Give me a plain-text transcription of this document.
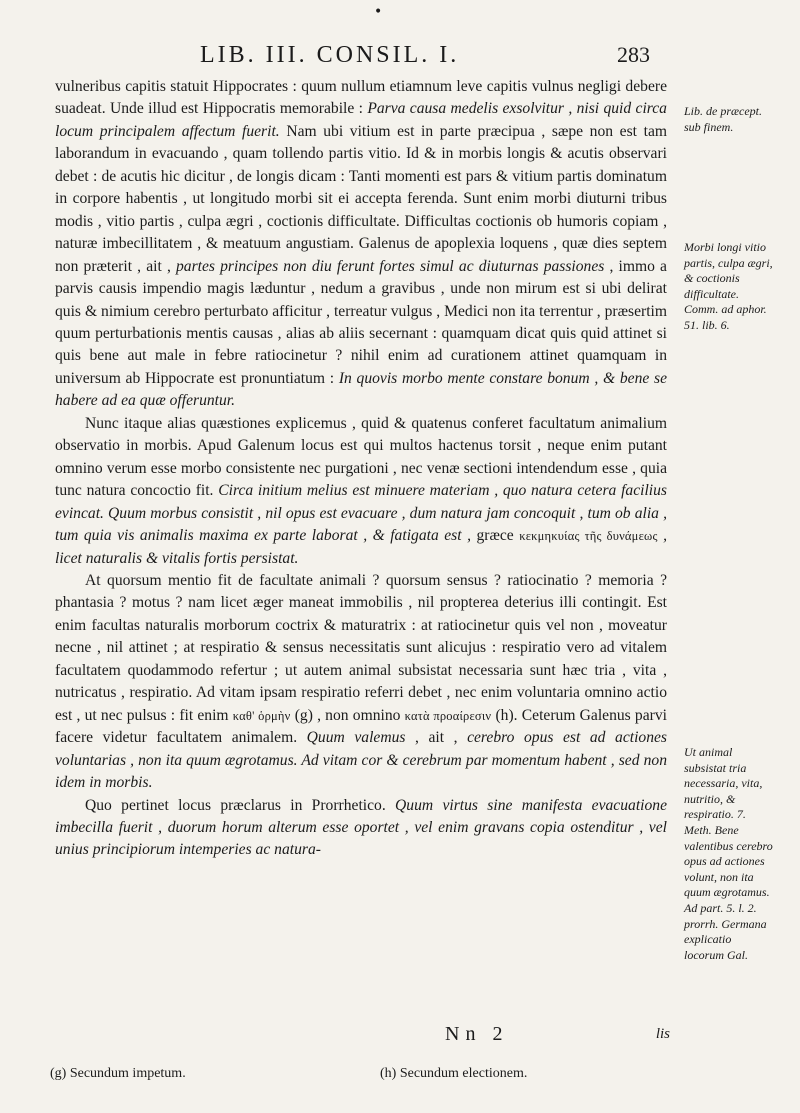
•
LIB. III. CONSIL. I.	283

vulneribus capitis statuit Hippocrates : quum nullum etiamnum leve capitis vulnus negligi debere suadeat. Unde illud est Hippocratis memorabile : Parva causa medelis exsolvitur , nisi quid circa locum principalem affectum fuerit. Nam ubi vitium est in parte præcipua , sæpe non est tam laborandum in evacuando , quam tollendo partis vitio. Id & in morbis longis & acutis observari debet : de acutis hic dicitur , de longis dicam : Tanti momenti est pars & vitium partis dominatum in corpore habentis , ut longitudo morbi sit ei accepta ferenda. Sunt enim morbi diuturni tribus modis , vitio partis , culpa ægri , coctionis difficultate. Difficultas coctionis ob humoris copiam , naturæ imbecillitatem , & meatuum angustiam. Galenus de apoplexia loquens , quæ dies septem non præterit , ait , partes principes non diu ferunt fortes simul ac diuturnas passiones , immo a parvis causis impendio magis læduntur , nedum a gravibus , unde non mirum est si ubi delirat quis & nimium cerebro perturbato afficitur , terreatur vulgus , Medici non ita terrentur , præsertim quum perturbationis mentis causas , alias ab aliis secernant : quamquam dicat quis quid attinet si quis bene aut male in febre ratiocinetur ? nihil enim ad curationem attinet quamquam in universum ab Hippocrate est pronuntiatum : In quovis morbo mente constare bonum , & bene se habere ad ea quæ offeruntur.

Nunc itaque alias quæstiones explicemus , quid & quatenus conferet facultatum animalium observatio in morbis. Apud Galenum locus est qui multos hactenus torsit , neque enim putant omnino verum esse morbo consistente nec purgationi , nec venæ sectioni intendendum esse , quia tunc natura concoctio fit. Circa initium melius est minuere materiam , quo natura cetera facilius evincat. Quum morbus consistit , nil opus est evacuare , dum natura jam concoquit , tum ob alia , tum quia vis animalis maxima ex parte laborat , & fatigata est , græce κεκμηκυίας τῆς δυνάμεως , licet naturalis & vitalis fortis persistat.

At quorsum mentio fit de facultate animali ? quorsum sensus ? ratiocinatio ? memoria ? phantasia ? motus ? nam licet æger maneat immobilis , nil propterea deterius illi contingit. Est enim facultas naturalis morborum coctrix & maturatrix : at ratiocinetur quis vel non , moveatur necne , nil attinet ; at respiratio & sensus necessitatis sunt alicujus : respiratio vero ad vitalem facultatem quodammodo refertur ; ut autem animal subsistat necessaria sunt hæc tria , vita , nutricatus , respiratio. Ad vitam ipsam respiratio referri debet , nec enim voluntaria omnino actio est , ut nec pulsus : fit enim καθ' ὁρμὴν (g) , non omnino κατὰ προαίρεσιν (h). Ceterum Galenus parvi facere videtur facultatem animalem. Quum valemus , ait , cerebro opus est ad actiones voluntarias , non ita quum ægrotamus. Ad vitam cor & cerebrum par momentum habent , sed non idem in morbis.

Quo pertinet locus præclarus in Prorrhetico. Quum virtus sine manifesta evacuatione imbecilla fuerit , duorum horum alterum esse oportet , vel enim gravans copia ostenditur , vel unius principiorum intemperies ac natura-

Nn 2	lis
Lib. de præcept. sub finem.
Morbi longi vitio partis, culpa ægri, & coctionis difficultate. Comm. ad aphor. 51. lib. 6.
Ut animal subsistat tria necessaria, vita, nutritio, & respiratio. 7. Meth. Bene valentibus cerebro opus ad actiones volunt, non ita quum ægrotamus. Ad part. 5. l. 2. prorrh. Germana explicatio locorum Gal.
(g) Secundum impetum.	(h) Secundum electionem.
